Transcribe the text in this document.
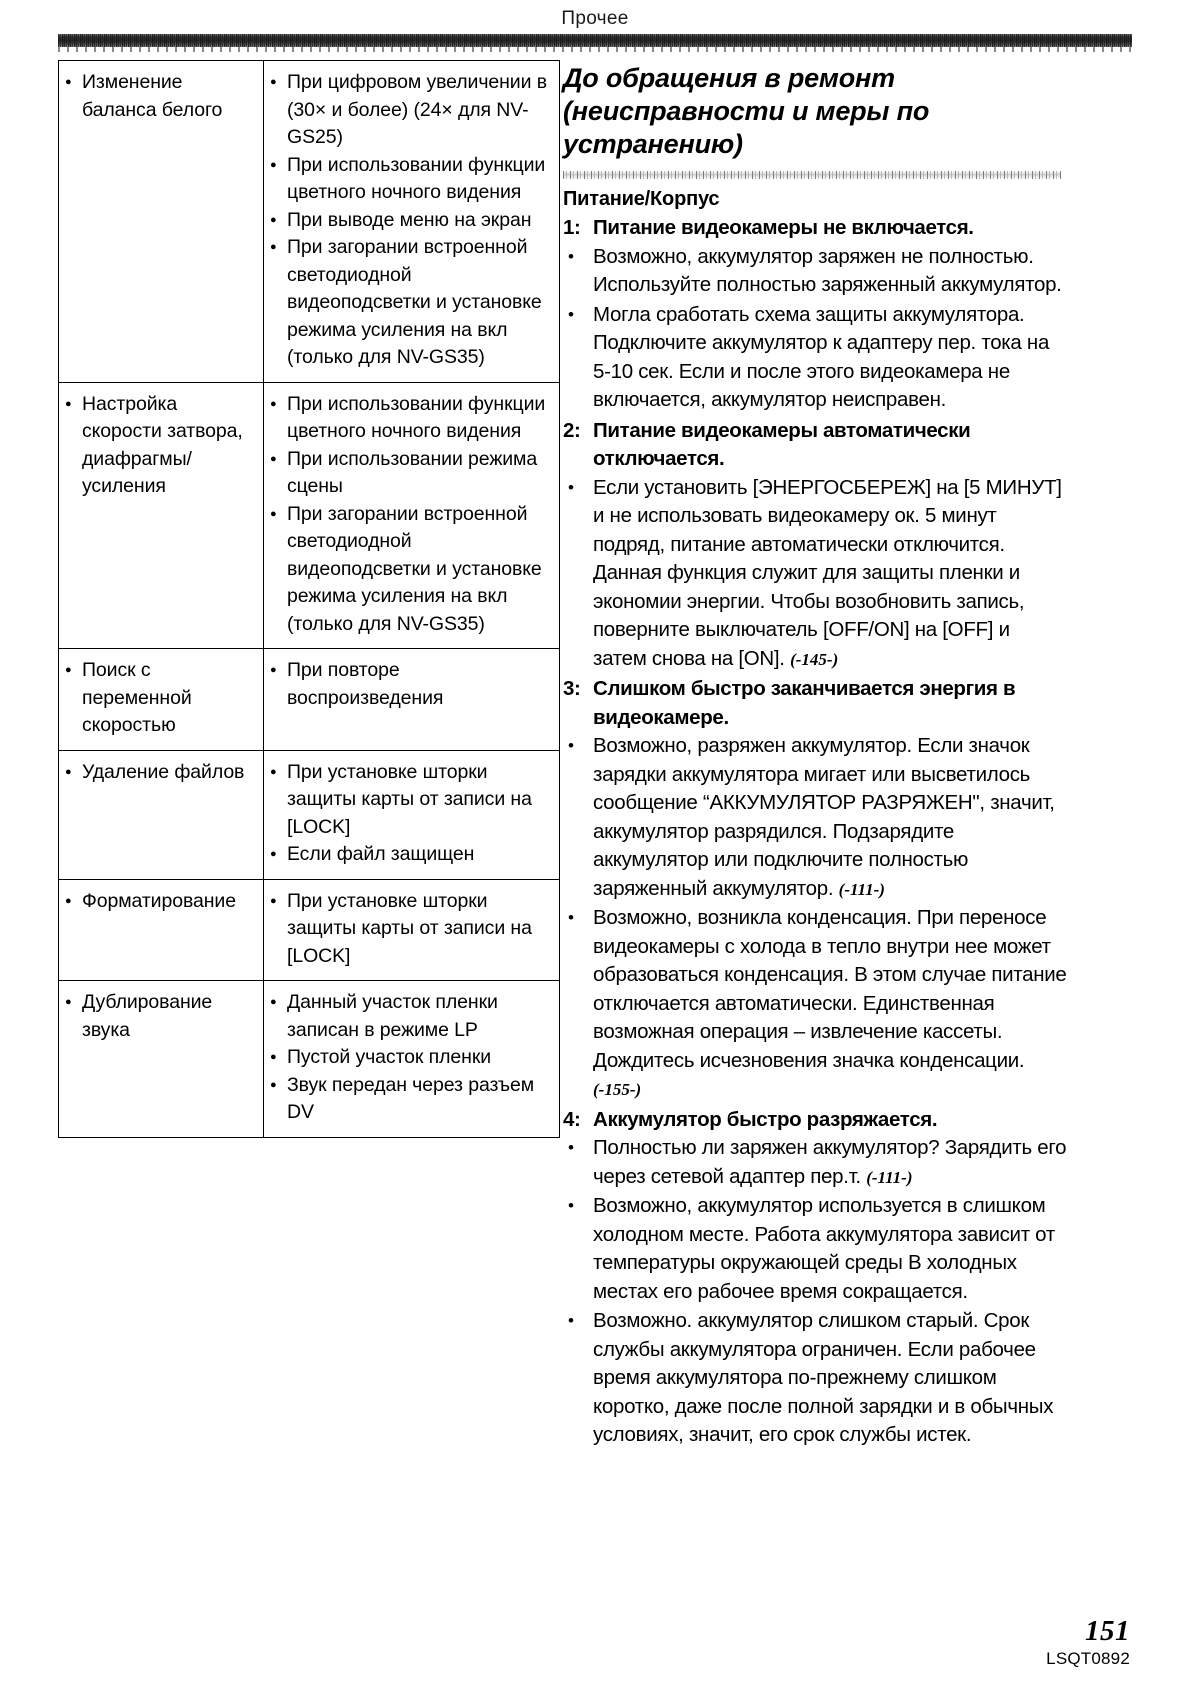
Прочее
● Изменение баланса белого

● При цифровом увеличении в (30× и более) (24× для NV-GS25)
● При использовании функции цветного ночного видения
● При выводе меню на экран
● При загорании встроенной светодиодной видеоподсветки и установке режима усиления на вкл (только для NV-GS35)

● Настройка скорости затвора, диафрагмы/ усиления

● При использовании функции цветного ночного видения
● При использовании режима сцены
● При загорании встроенной светодиодной видеоподсветки и установке режима усиления на вкл (только для NV-GS35)

● Поиск с переменной скоростью

● При повторе воспроизведения

● Удаление файлов

●При установке шторки защиты карты от записи на [LOCK]
● Если файл защищен

● Форматирование

●При установке шторки защиты карты от записи на [LOCK]

● Дублирование звука

● Данный участок пленки записан в режиме LP
● Пустой участок пленки
● Звук передан через разъем DV
До обращения в ремонт (неисправности и меры по устранению)
Питание/Корпус
1: Питание видеокамеры не включается.
• Возможно, аккумулятор заряжен не полностью. Используйте полностью заряженный аккумулятор.
• Могла сработать схема защиты аккумулятора. Подключите аккумулятор к адаптеру пер. тока на 5-10 сек. Если и после этого видеокамера не включается, аккумулятор неисправен.
2: Питание видеокамеры автоматически отключается.
• Если установить [ЭНЕРГОСБЕРЕЖ] на [5 МИНУТ] и не использовать видеокамеру ок. 5 минут подряд, питание автоматически отключится. Данная функция служит для защиты пленки и экономии энергии. Чтобы возобновить запись, поверните выключатель [OFF/ON] на [OFF] и затем снова на [ON]. (-145-)
3: Слишком быстро заканчивается энергия в видеокамере.
• Возможно, разряжен аккумулятор. Если значок зарядки аккумулятора мигает или высветилось сообщение “АККУМУЛЯТОР РАЗРЯЖЕН", значит, аккумулятор разрядился. Подзарядите аккумулятор или подключите полностью заряженный аккумулятор. (-111-)
• Возможно, возникла конденсация. При переносе видеокамеры с холода в тепло внутри нее может образоваться конденсация. В этом случае питание отключается автоматически. Единственная возможная операция – извлечение кассеты. Дождитесь исчезновения значка конденсации. (-155-)
4: Аккумулятор быстро разряжается.
• Полностью ли заряжен аккумулятор? Зарядить его через сетевой адаптер пер.т. (-111-)
• Возможно, аккумулятор используется в слишком холодном месте. Работа аккумулятора зависит от температуры окружающей среды В холодных местах его рабочее время сокращается.
• Возможно. аккумулятор слишком старый. Срок службы аккумулятора ограничен. Если рабочее время аккумулятора по-прежнему слишком коротко, даже после полной зарядки и в обычных условиях, значит, его срок службы истек.
151
LSQT0892
